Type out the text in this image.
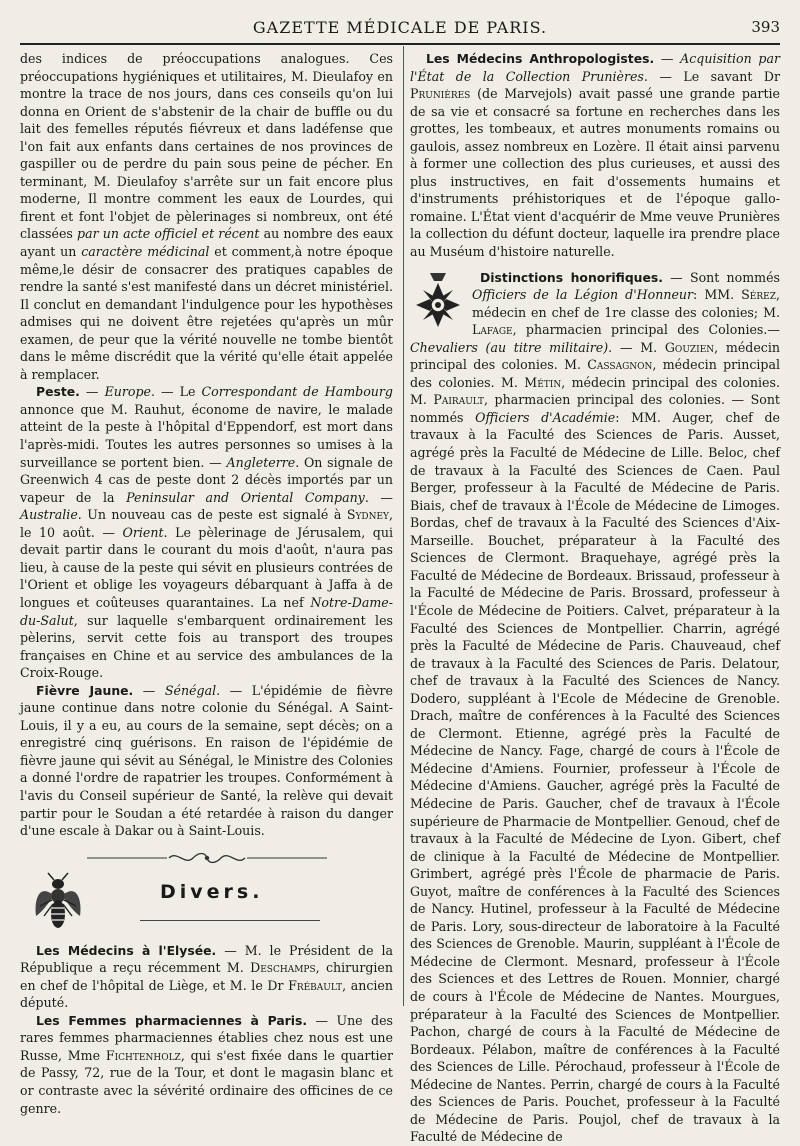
GAZETTE MÉDICALE DE PARIS.	393

des indices de préoccupations analogues. Ces préoccupations hygiéniques et utilitaires, M. Dieulafoy en montre la trace de nos jours, dans ces conseils qu'on lui donna en Orient de s'abstenir de la chair de buffle ou du lait des femelles réputés fiévreux et dans ladéfense que l'on fait aux enfants dans certaines de nos provinces de gaspiller ou de perdre du pain sous peine de pécher. En terminant, M. Dieulafoy s'arrête sur un fait encore plus moderne, Il montre comment les eaux de Lourdes, qui firent et font l'objet de pèlerinages si nombreux, ont été classées par un acte officiel et récent au nombre des eaux ayant un caractère médicinal et comment,à notre époque même,le désir de consacrer des pratiques capables de rendre la santé s'est manifesté dans un décret ministériel. Il conclut en demandant l'indulgence pour les hypothèses admises qui ne doivent être rejetées qu'après un mûr examen, de peur que la vérité nouvelle ne tombe bientôt dans le même discrédit que la vérité qu'elle était appelée à remplacer.

Peste. — Europe. — Le Correspondant de Hambourg annonce que M. Rauhut, économe de navire, le malade atteint de la peste à l'hôpital d'Eppendorf, est mort dans l'après-midi. Toutes les autres personnes so umises à la surveillance se portent bien. — Angleterre. On signale de Greenwich 4 cas de peste dont 2 décès importés par un vapeur de la Peninsular and Oriental Company. — Australie. Un nouveau cas de peste est signalé à Sydney, le 10 août. — Orient. Le pèlerinage de Jérusalem, qui devait partir dans le courant du mois d'août, n'aura pas lieu, à cause de la peste qui sévit en plusieurs contrées de l'Orient et oblige les voyageurs débarquant à Jaffa à de longues et coûteuses quarantaines. La nef Notre-Dame-du-Salut, sur laquelle s'embarquent ordinairement les pèlerins, servit cette fois au transport des troupes françaises en Chine et au service des ambulances de la Croix-Rouge.

Fièvre Jaune. — Sénégal. — L'épidémie de fièvre jaune continue dans notre colonie du Sénégal. A Saint-Louis, il y a eu, au cours de la semaine, sept décès; on a enregistré cinq guérisons. En raison de l'épidémie de fièvre jaune qui sévit au Sénégal, le Ministre des Colonies a donné l'ordre de rapatrier les troupes. Conformément à l'avis du Conseil supérieur de Santé, la relève qui devait partir pour le Soudan a été retardée à raison du danger d'une escale à Dakar ou à Saint-Louis.

Divers.

Les Médecins à l'Elysée. — M. le Président de la République a reçu récemment M. Deschamps, chirurgien en chef de l'hôpital de Liège, et M. le Dr Frébault, ancien député.

Les Femmes pharmaciennes à Paris. — Une des rares femmes pharmaciennes établies chez nous est une Russe, Mme Fichtenholz, qui s'est fixée dans le quartier de Passy, 72, rue de la Tour, et dont le magasin blanc et or contraste avec la sévérité ordinaire des officines de ce genre.

Les Médecins Anthropologistes. — Acquisition par l'État de la Collection Prunières. — Le savant Dr Prunières (de Marvejols) avait passé une grande partie de sa vie et consacré sa fortune en recherches dans les grottes, les tombeaux, et autres monuments romains ou gaulois, assez nombreux en Lozère. Il était ainsi parvenu à former une collection des plus curieuses, et aussi des plus instructives, en fait d'ossements humains et d'instruments préhistoriques et de l'époque gallo-romaine. L'État vient d'acquérir de Mme veuve Prunières la collection du défunt docteur, laquelle ira prendre place au Muséum d'histoire naturelle.

Distinctions honorifiques. — Sont nommés Officiers de la Légion d'Honneur: MM. Sérez, médecin en chef de 1re classe des colonies; M. Lafage, pharmacien principal des Colonies.— Chevaliers (au titre militaire). — M. Gouzien, médecin principal des colonies. M. Cassagnon, médecin principal des colonies. M. Métin, médecin principal des colonies. M. Pairault, pharmacien principal des colonies. — Sont nommés Officiers d'Académie: MM. Auger, chef de travaux à la Faculté des Sciences de Paris. Ausset, agrégé près la Faculté de Médecine de Lille. Beloc, chef de travaux à la Faculté des Sciences de Caen. Paul Berger, professeur à la Faculté de Médecine de Paris. Biais, chef de travaux à l'École de Médecine de Limoges. Bordas, chef de travaux à la Faculté des Sciences d'Aix-Marseille. Bouchet, préparateur à la Faculté des Sciences de Clermont. Braquehaye, agrégé près la Faculté de Médecine de Bordeaux. Brissaud, professeur à la Faculté de Médecine de Paris. Brossard, professeur à l'École de Médecine de Poitiers. Calvet, préparateur à la Faculté des Sciences de Montpellier. Charrin, agrégé près la Faculté de Médecine de Paris. Chauveaud, chef de travaux à la Faculté des Sciences de Paris. Delatour, chef de travaux à la Faculté des Sciences de Nancy. Dodero, suppléant à l'Ecole de Médecine de Grenoble. Drach, maître de conférences à la Faculté des Sciences de Clermont. Etienne, agrégé près la Faculté de Médecine de Nancy. Fage, chargé de cours à l'École de Médecine d'Amiens. Fournier, professeur à l'École de Médecine d'Amiens. Gaucher, agrégé près la Faculté de Médecine de Paris. Gaucher, chef de travaux à l'École supérieure de Pharmacie de Montpellier. Genoud, chef de travaux à la Faculté de Médecine de Lyon. Gibert, chef de clinique à la Faculté de Médecine de Montpellier. Grimbert, agrégé près l'École de pharmacie de Paris. Guyot, maître de conférences à la Faculté des Sciences de Nancy. Hutinel, professeur à la Faculté de Médecine de Paris. Lory, sous-directeur de laboratoire à la Faculté des Sciences de Grenoble. Maurin, suppléant à l'École de Médecine de Clermont. Mesnard, professeur à l'École des Sciences et des Lettres de Rouen. Monnier, chargé de cours à l'École de Médecine de Nantes. Mourgues, préparateur à la Faculté des Sciences de Montpellier. Pachon, chargé de cours à la Faculté de Médecine de Bordeaux. Pélabon, maître de conférences à la Faculté des Sciences de Lille. Pérochaud, professeur à l'École de Médecine de Nantes. Perrin, chargé de cours à la Faculté des Sciences de Paris. Pouchet, professeur à la Faculté de Médecine de Paris. Poujol, chef de travaux à la Faculté de Médecine de
